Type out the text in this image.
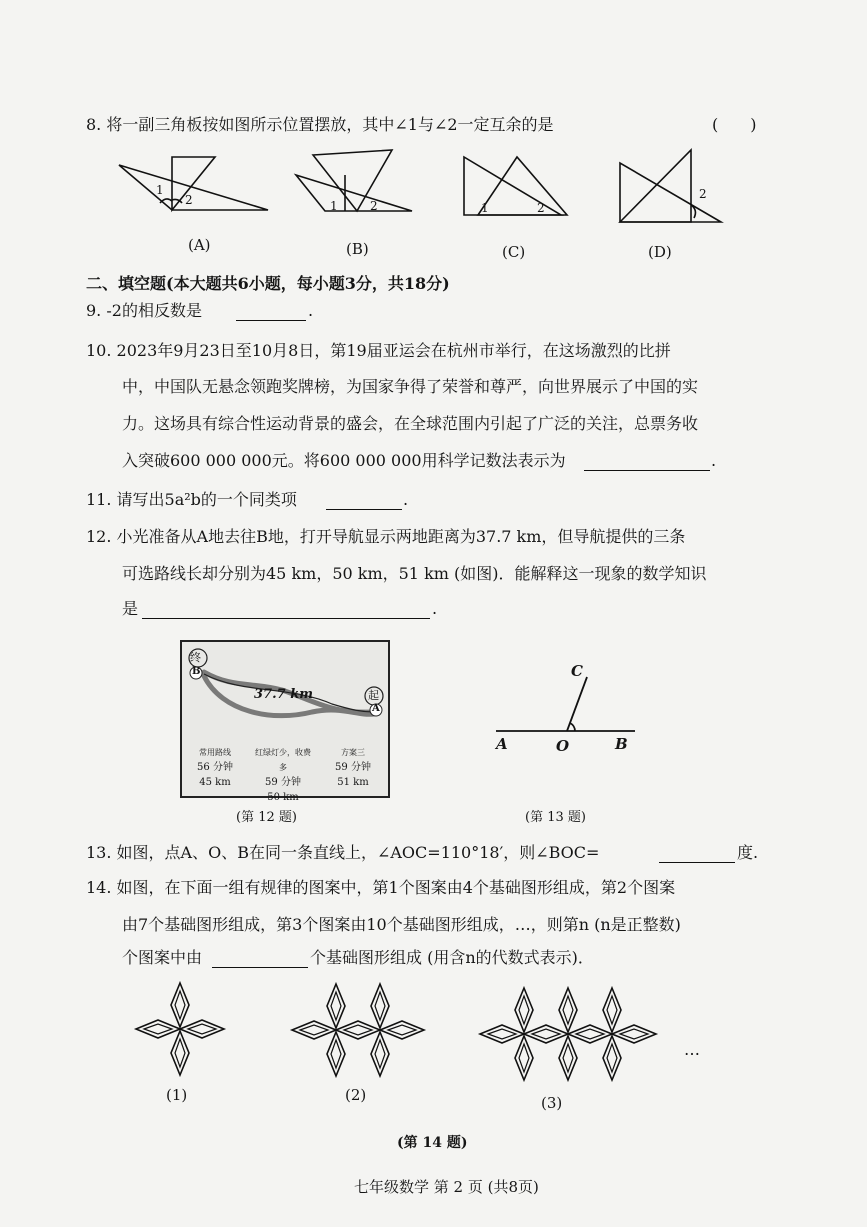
8. 将一副三角板按如图所示位置摆放，其中∠1与∠2一定互余的是	(　　)
1
2
(A)
1	2
(B)
1	2
(C)
2
(D)
二、填空题(本大题共6小题，每小题3分，共18分)
9. -2的相反数是	.
10. 2023年9月23日至10月8日，第19届亚运会在杭州市举行，在这场激烈的比拼
中，中国队无悬念领跑奖牌榜，为国家争得了荣誉和尊严，向世界展示了中国的实
力。这场具有综合性运动背景的盛会，在全球范围内引起了广泛的关注，总票务收
入突破600 000 000元。将600 000 000用科学记数法表示为	.
11. 请写出5a²b的一个同类项	.
12. 小光准备从A地去往B地，打开导航显示两地距离为37.7 km，但导航提供的三条
可选路线长却分别为45 km，50 km，51 km (如图)．能解释这一现象的数学知识
是	.
终
起
B
A
37.7 km
常用路线
56 分钟
45 km
红绿灯少，收费多
59 分钟
50 km
方案三
59 分钟
51 km
(第 12 题)
A	O	B
C
(第 13 题)
13. 如图，点A、O、B在同一条直线上，∠AOC=110°18′，则∠BOC=	度.
14. 如图，在下面一组有规律的图案中，第1个图案由4个基础图形组成，第2个图案
由7个基础图形组成，第3个图案由10个基础图形组成，…，则第n (n是正整数)
个图案中由	个基础图形组成 (用含n的代数式表示)．
(1)	(2)	(3)
…
(第 14 题)
七年级数学 第 2 页 (共8页)
